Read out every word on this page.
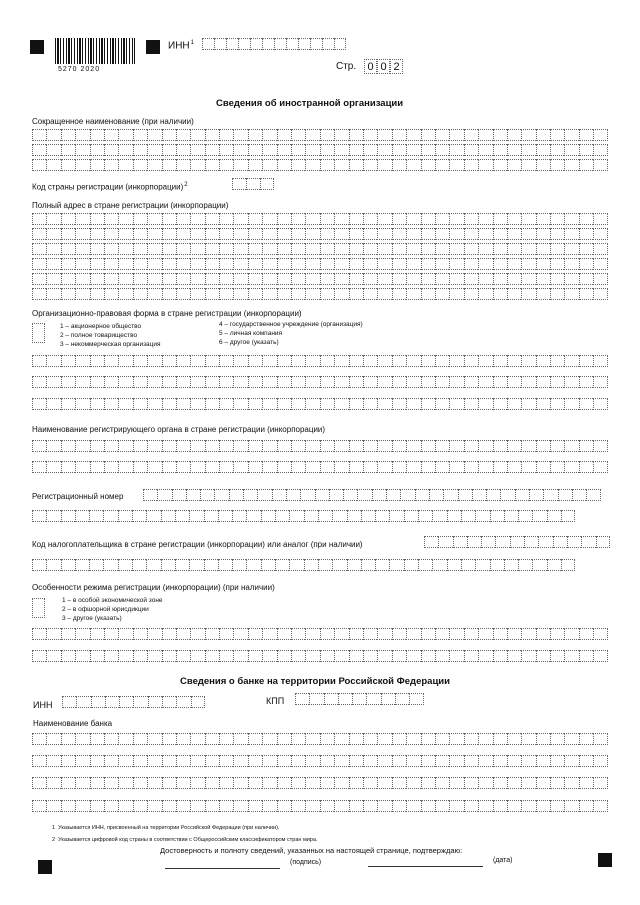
5270 2020
ИНН$^1$
Стр.	0 0 2
Сведения об иностранной организации
Сокращенное наименование (при наличии)
Код страны регистрации (инкорпорации)$^2$
Полный адрес в стране регистрации (инкорпорации)
Организационно-правовая форма в стране регистрации (инкорпорации)
1 – акционерное общество
2 – полное товарищество
3 – некоммерческая организация
4 – государственное учреждение (организация)
5 – личная компания
6 – другое (указать)
Наименование регистрирующего органа в стране регистрации (инкорпорации)
Регистрационный номер
Код налогоплательщика в стране регистрации (инкорпорации) или аналог (при наличии)
Особенности режима регистрации (инкорпорации) (при наличии)
1 – в особой экономической зоне
2 – в офшорной юрисдикции
3 – другое (указать)
Сведения о банке на территории Российской Федерации
ИНН	КПП
Наименование банка
1 Указывается ИНН, присвоенный на территории Российской Федерации (при наличии).
2 Указывается цифровой код страны в соответствии с Общероссийским классификатором стран мира.
Достоверность и полноту сведений, указанных на настоящей странице, подтверждаю:
(подпись)	(дата)
